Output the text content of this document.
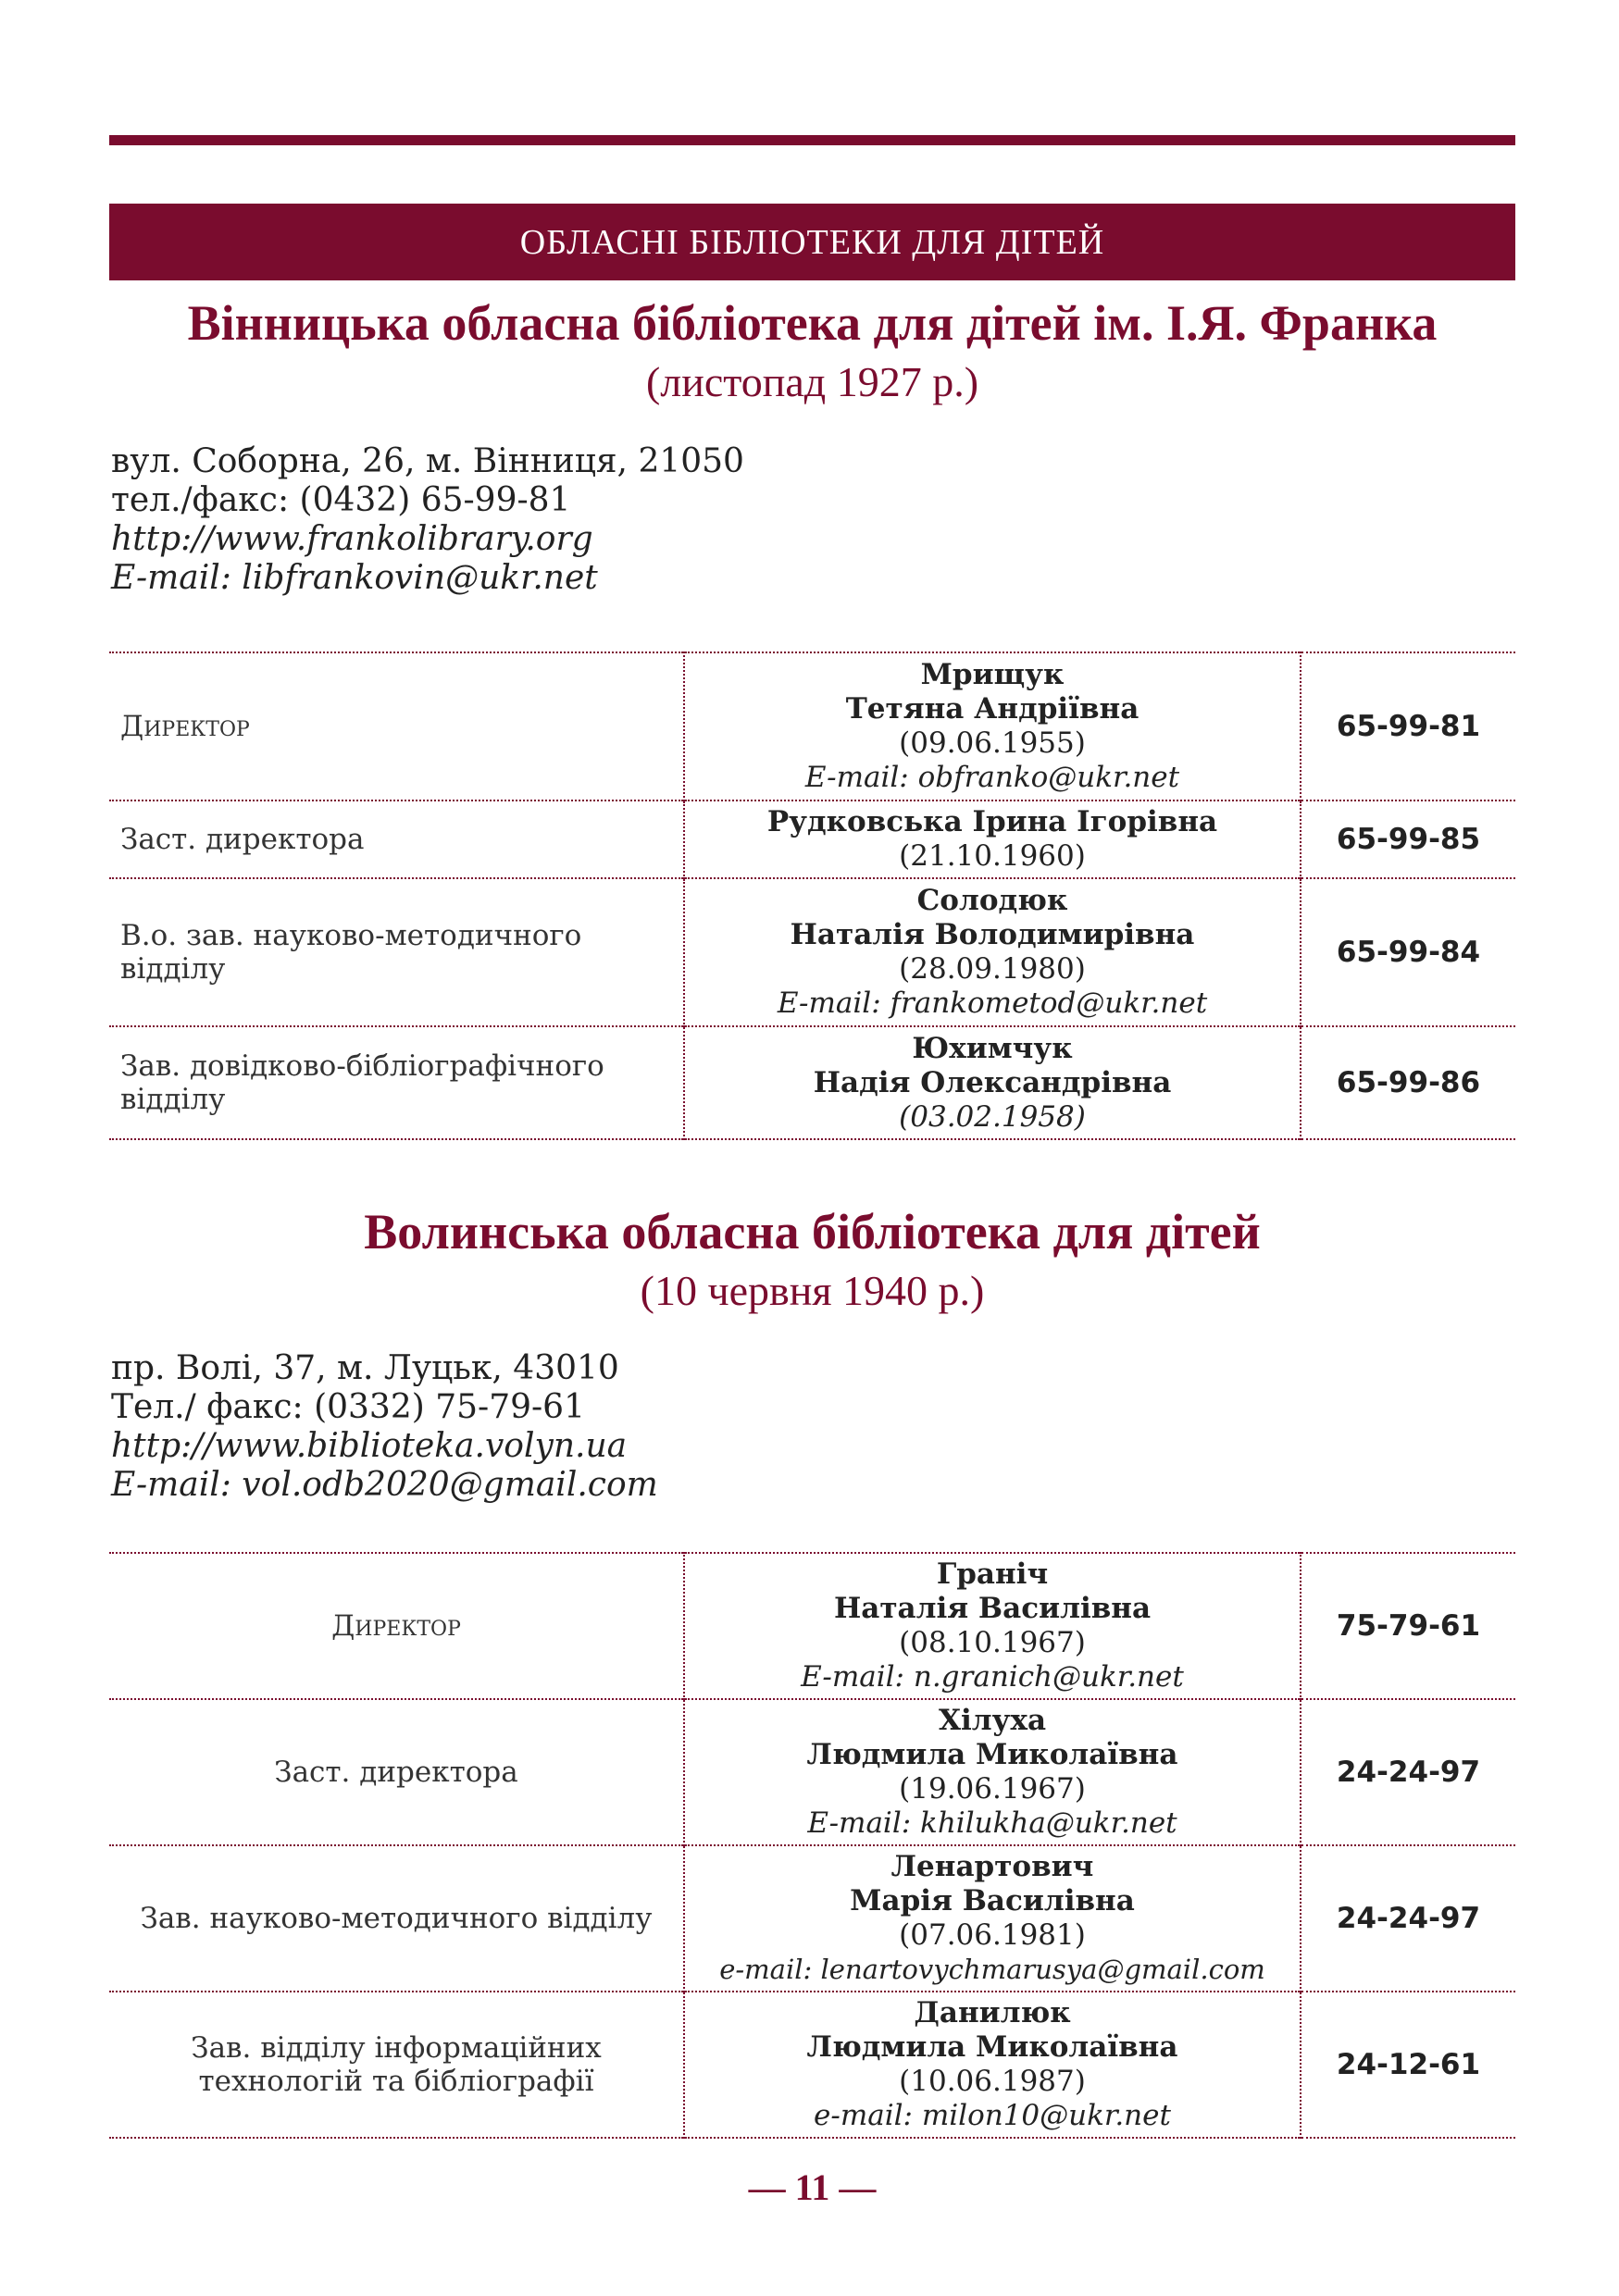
ОБЛАСНІ БІБЛІОТЕКИ ДЛЯ ДІТЕЙ
Вінницька обласна бібліотека для дітей ім. І.Я. Франка
(листопад 1927 р.)
вул. Соборна, 26, м. Вінниця, 21050
тел./факс: (0432) 65-99-81
http://www.frankolibrary.org
E-mail: libfrankovin@ukr.net
Директор	Мрищук
Тетяна Андріївна
(09.06.1955)
E-mail: obfranko@ukr.net	65-99-81
Заст. директора	Рудковська Ірина Ігорівна
(21.10.1960)	65-99-85
В.о. зав. науково-методичного відділу	Солодюк
Наталія Володимирівна
(28.09.1980)
E-mail: frankometod@ukr.net	65-99-84
Зав. довідково-бібліографічного відділу	Юхимчук
Надія Олександрівна
(03.02.1958)	65-99-86
Волинська обласна бібліотека для дітей
(10 червня 1940 р.)
пр. Волі, 37, м. Луцьк, 43010
Тел./ факс: (0332) 75-79-61
http://www.biblioteka.volyn.ua
E-mail: vol.odb2020@gmail.com
Директор	Граніч
Наталія Василівна
(08.10.1967)
E-mail: n.granich@ukr.net	75-79-61
Заст. директора	Хілуха
Людмила Миколаївна
(19.06.1967)
E-mail: khilukha@ukr.net	24-24-97
Зав. науково-методичного відділу	Ленартович
Марія Василівна
(07.06.1981)
e-mail: lenartovychmarusya@gmail.com	24-24-97
Зав. відділу інформаційних технологій та бібліографії	Данилюк
Людмила Миколаївна
(10.06.1987)
e-mail: milon10@ukr.net	24-12-61
— 11 —
